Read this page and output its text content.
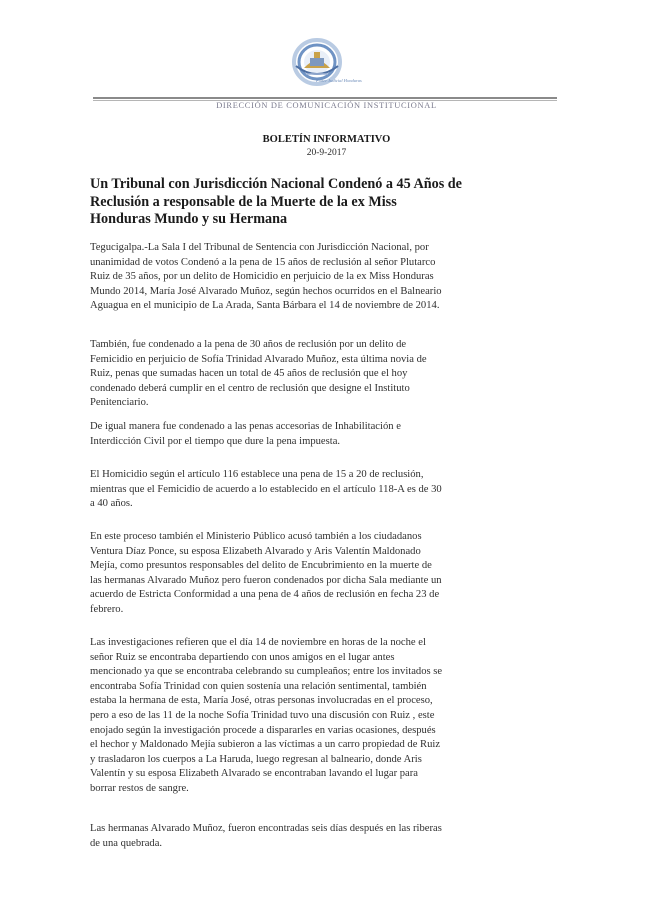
Poder Judicial Honduras
DIRECCIÓN DE COMUNICACIÓN INSTITUCIONAL
BOLETÍN INFORMATIVO
20-9-2017
Un Tribunal con Jurisdicción Nacional Condenó a 45 Años de
Reclusión a responsable de la Muerte de la ex Miss
Honduras Mundo y su Hermana
Tegucigalpa.-La Sala I del Tribunal de Sentencia con Jurisdicción Nacional, por
unanimidad de votos Condenó a la pena de 15 años de reclusión al señor Plutarco
Ruiz de 35 años, por un delito de Homicidio en perjuicio de la ex Miss Honduras
Mundo 2014, María José Alvarado Muñoz, según hechos ocurridos en el Balneario
Aguagua en el municipio de La Arada, Santa Bárbara el 14 de noviembre de 2014.
También, fue condenado a la pena de 30 años de reclusión por un delito de
Femicidio en perjuicio de Sofía Trinidad Alvarado Muñoz, esta última novia de
Ruiz, penas que sumadas hacen un total de 45 años de reclusión que el hoy
condenado deberá cumplir en el centro de reclusión que designe el Instituto
Penitenciario.
De igual manera fue condenado a las penas accesorias de Inhabilitación e
Interdicción Civil por el tiempo que dure la pena impuesta.
El Homicidio según el artículo 116 establece una pena de 15 a 20 de reclusión,
mientras que el Femicidio de acuerdo a lo establecido en el artículo 118-A es de 30
a 40 años.
En este proceso también el Ministerio Público acusó también a los ciudadanos
Ventura Díaz Ponce, su esposa Elizabeth Alvarado y Aris Valentín Maldonado
Mejía, como presuntos responsables del delito de Encubrimiento en la muerte de
las hermanas Alvarado Muñoz pero fueron condenados por dicha Sala mediante un
acuerdo de Estricta Conformidad a una pena de 4 años de reclusión en fecha 23 de
febrero.
Las investigaciones refieren que el día 14 de noviembre en horas de la noche el
señor Ruiz se encontraba departiendo con unos amigos en el lugar antes
mencionado ya que se encontraba celebrando su cumpleaños; entre los invitados se
encontraba Sofía Trinidad con quien sostenía una relación sentimental, también
estaba la hermana de esta, María José, otras personas involucradas en el proceso,
pero a eso de las 11 de la noche Sofía Trinidad tuvo una discusión con Ruiz , este
enojado según la investigación procede a dispararles en varias ocasiones, después
el hechor y Maldonado Mejía subieron a las víctimas a un carro propiedad de Ruiz
y trasladaron los cuerpos a La Haruda, luego regresan al balneario, donde Aris
Valentín y su esposa Elizabeth Alvarado se encontraban lavando el lugar para
borrar restos de sangre.
Las hermanas Alvarado Muñoz, fueron encontradas seis días después en las riberas
de una quebrada.
